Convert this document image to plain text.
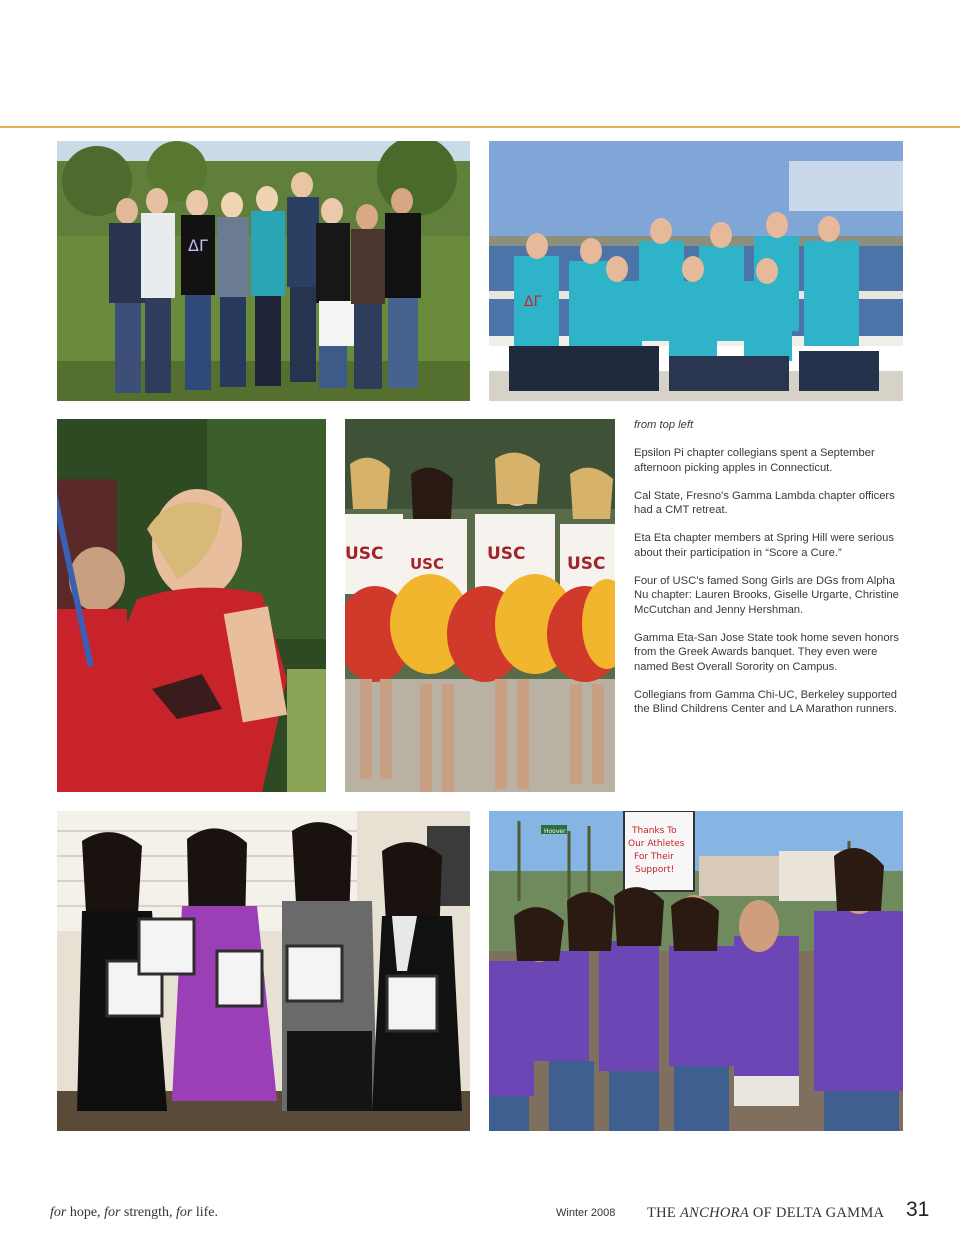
ΔΓ
ΔΓ
USC USC	USC USC
Hoover	Thanks To
Our Athletes
For Their
Support!

from top left

Epsilon Pi chapter collegians spent a September afternoon picking apples in Connecticut.

Cal State, Fresno’s Gamma Lambda chapter officers had a CMT retreat.

Eta Eta chapter members at Spring Hill were serious about their participation in “Score a Cure.”

Four of USC’s famed Song Girls are DGs from Alpha Nu chapter: Lauren Brooks, Giselle Urgarte, Christine McCutchan and Jenny Hershman.

Gamma Eta-San Jose State took home seven honors from the Greek Awards banquet. They even were named Best Overall Sorority on Campus.

Collegians from Gamma Chi-UC, Berkeley supported the Blind Childrens Center and LA Marathon runners.

for hope, for strength, for life.	Winter 2008 THE ANCHORA OF DELTA GAMMA 31
